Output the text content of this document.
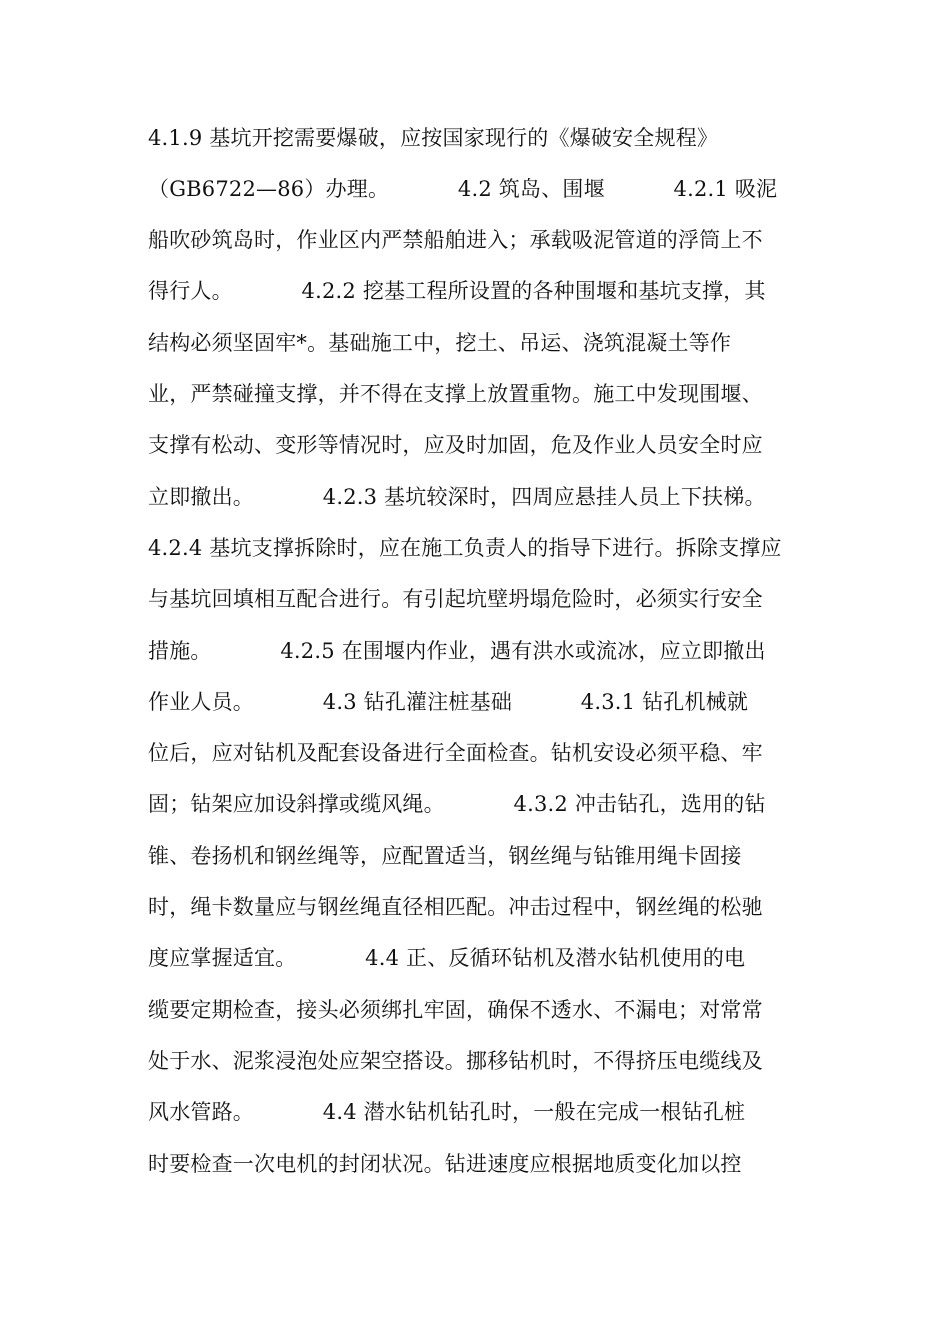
4.1.9 基坑开挖需要爆破，应按国家现行的《爆破安全规程》
（GB6722—86）办理。          4.2 筑岛、围堰          4.2.1 吸泥
船吹砂筑岛时，作业区内严禁船舶进入；承载吸泥管道的浮筒上不
得行人。          4.2.2 挖基工程所设置的各种围堰和基坑支撑，其
结构必须坚固牢*。基础施工中，挖土、吊运、浇筑混凝土等作
业，严禁碰撞支撑，并不得在支撑上放置重物。施工中发现围堰、
支撑有松动、变形等情况时，应及时加固，危及作业人员安全时应
立即撤出。          4.2.3 基坑较深时，四周应悬挂人员上下扶梯。
4.2.4 基坑支撑拆除时，应在施工负责人的指导下进行。拆除支撑应
与基坑回填相互配合进行。有引起坑壁坍塌危险时，必须实行安全
措施。          4.2.5 在围堰内作业，遇有洪水或流冰，应立即撤出
作业人员。          4.3 钻孔灌注桩基础          4.3.1 钻孔机械就
位后，应对钻机及配套设备进行全面检查。钻机安设必须平稳、牢
固；钻架应加设斜撑或缆风绳。          4.3.2 冲击钻孔，选用的钻
锥、卷扬机和钢丝绳等，应配置适当，钢丝绳与钻锥用绳卡固接
时，绳卡数量应与钢丝绳直径相匹配。冲击过程中，钢丝绳的松驰
度应掌握适宜。          4.4 正、反循环钻机及潜水钻机使用的电
缆要定期检查，接头必须绑扎牢固，确保不透水、不漏电；对常常
处于水、泥浆浸泡处应架空搭设。挪移钻机时，不得挤压电缆线及
风水管路。          4.4 潜水钻机钻孔时，一般在完成一根钻孔桩
时要检查一次电机的封闭状况。钻进速度应根据地质变化加以控
